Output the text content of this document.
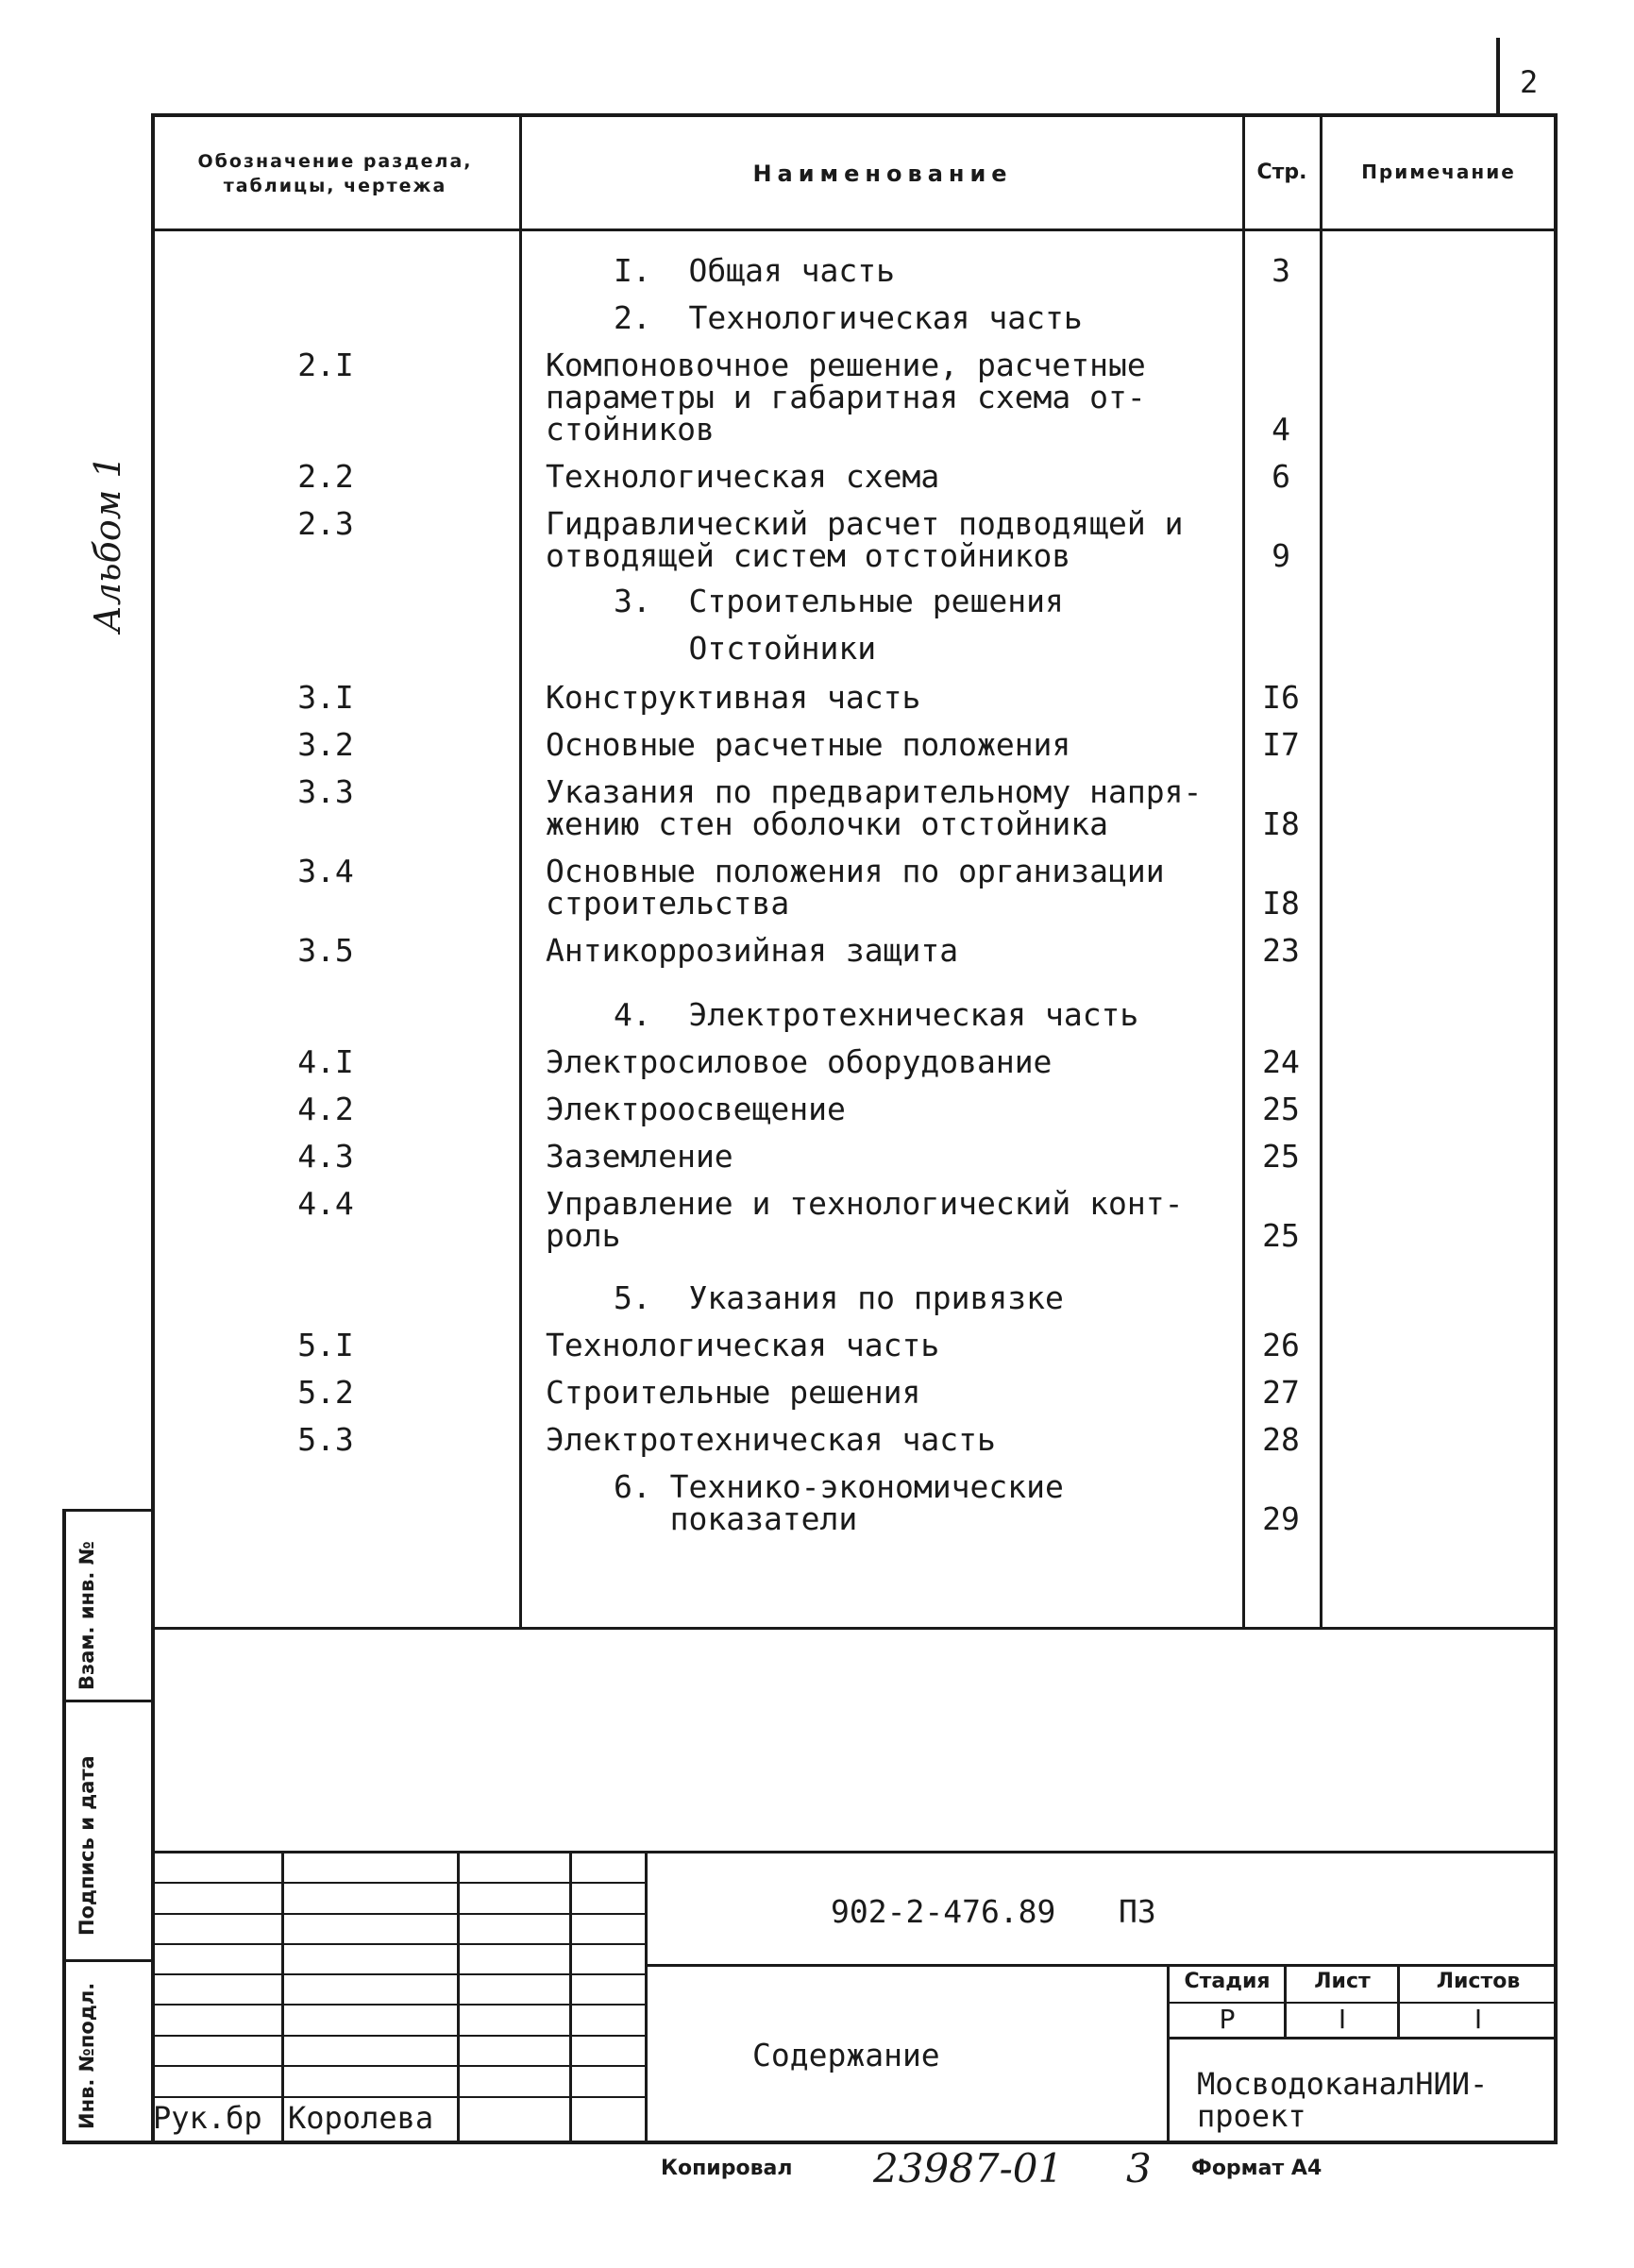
2
Альбом 1
Обозначение раздела, таблицы, чертежа	Наименование	Стр.	Примечание
I.  Общая часть	3
2.  Технологическая часть
2.I	Компоновочное решение, расчетные
параметры и габаритная схема от-
стойников	4
2.2	Технологическая схема	6
2.3	Гидравлический расчет подводящей и
отводящей систем отстойников	9
3.  Строительные решения
Отстойники
3.I	Конструктивная часть	I6
3.2	Основные расчетные положения	I7
3.3	Указания по предварительному напря-
жению стен оболочки отстойника	I8
3.4	Основные положения по организации
строительства	I8
3.5	Антикоррозийная защита	23
4.  Электротехническая часть
4.I	Электросиловое оборудование	24
4.2	Электроосвещение	25
4.3	Заземление	25
4.4	Управление и технологический конт-
роль	25
5.  Указания по привязке
5.I	Технологическая часть	26
5.2	Строительные решения	27
5.3	Электротехническая часть	28
6. Технико-экономические
показатели	29
Взам. инв. №
Подпись и дата
Инв. №подл.
902-2-476.89 ПЗ
Содержание
Стадия	Лист	Листов
Р	I	I
МосводоканалНИИ-
проект
Рук.бр Королева
Копировал 23987-01 3 Формат А4
